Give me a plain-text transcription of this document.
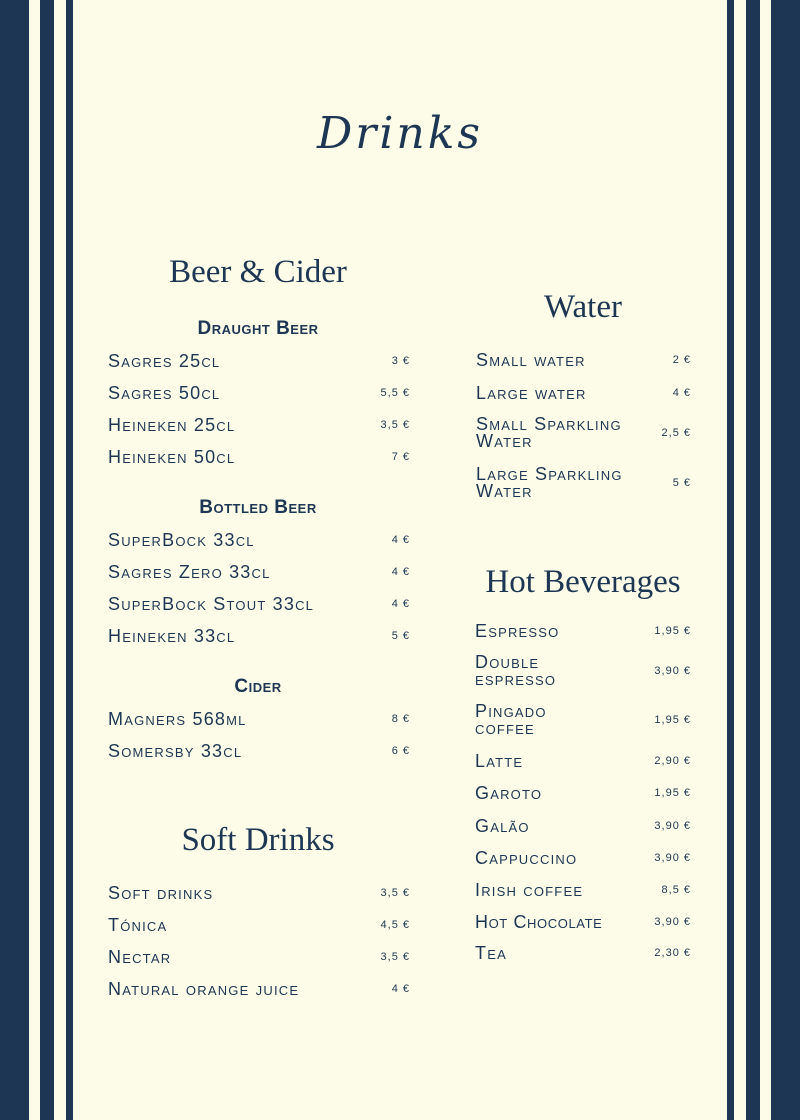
Drinks
Beer & Cider
Draught Beer
Sagres 25cl	3 €
Sagres 50cl	5,5 €
Heineken 25cl	3,5 €
Heineken 50cl	7 €
Bottled Beer
SuperBock 33cl	4 €
Sagres Zero 33cl	4 €
SuperBock Stout 33cl	4 €
Heineken 33cl	5 €
Cider
Magners 568ml	8 €
Somersby 33cl	6 €
Soft Drinks
Soft drinks	3,5 €
Tónica	4,5 €
Nectar	3,5 €
Natural orange juice	4 €
Water
Small water	2 €
Large water	4 €
Small Sparkling Water	2,5 €
Large Sparkling Water	5 €
Hot Beverages
Espresso	1,95 €
Double espresso	3,90 €
Pingado coffee	1,95 €
Latte	2,90 €
Garoto	1,95 €
Galão	3,90 €
Cappuccino	3,90 €
Irish coffee	8,5 €
Hot Chocolate	3,90 €
Tea	2,30 €
